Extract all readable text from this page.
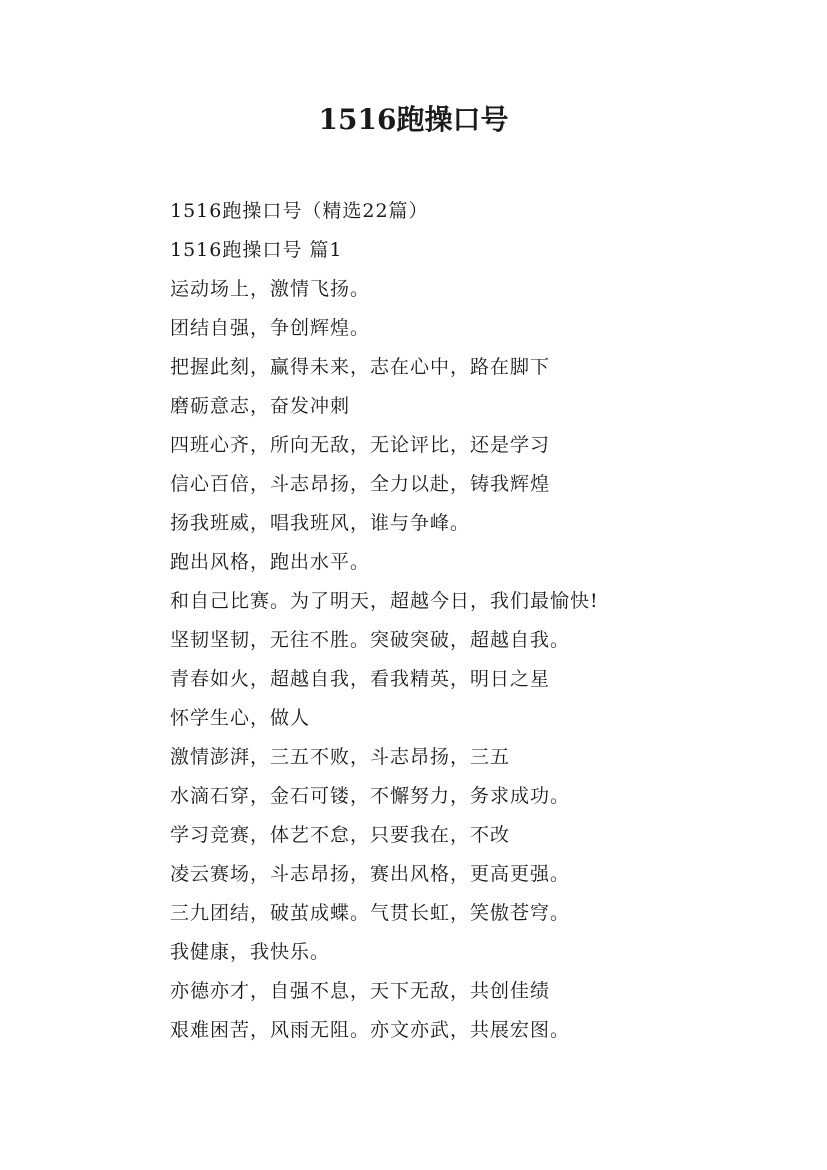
1516跑操口号
1516跑操口号（精选22篇）
1516跑操口号 篇1
运动场上，激情飞扬。
团结自强，争创辉煌。
把握此刻，赢得未来，志在心中，路在脚下
磨砺意志，奋发冲刺
四班心齐，所向无敌，无论评比，还是学习
信心百倍，斗志昂扬，全力以赴，铸我辉煌
扬我班威，唱我班风，谁与争峰。
跑出风格，跑出水平。
和自己比赛。为了明天，超越今日，我们最愉快!
坚韧坚韧，无往不胜。突破突破，超越自我。
青春如火，超越自我，看我精英，明日之星
怀学生心，做人
激情澎湃，三五不败，斗志昂扬，三五
水滴石穿，金石可镂，不懈努力，务求成功。
学习竞赛，体艺不怠，只要我在，不改
凌云赛场，斗志昂扬，赛出风格，更高更强。
三九团结，破茧成蝶。气贯长虹，笑傲苍穹。
我健康，我快乐。
亦德亦才，自强不息，天下无敌，共创佳绩
艰难困苦，风雨无阻。亦文亦武，共展宏图。
